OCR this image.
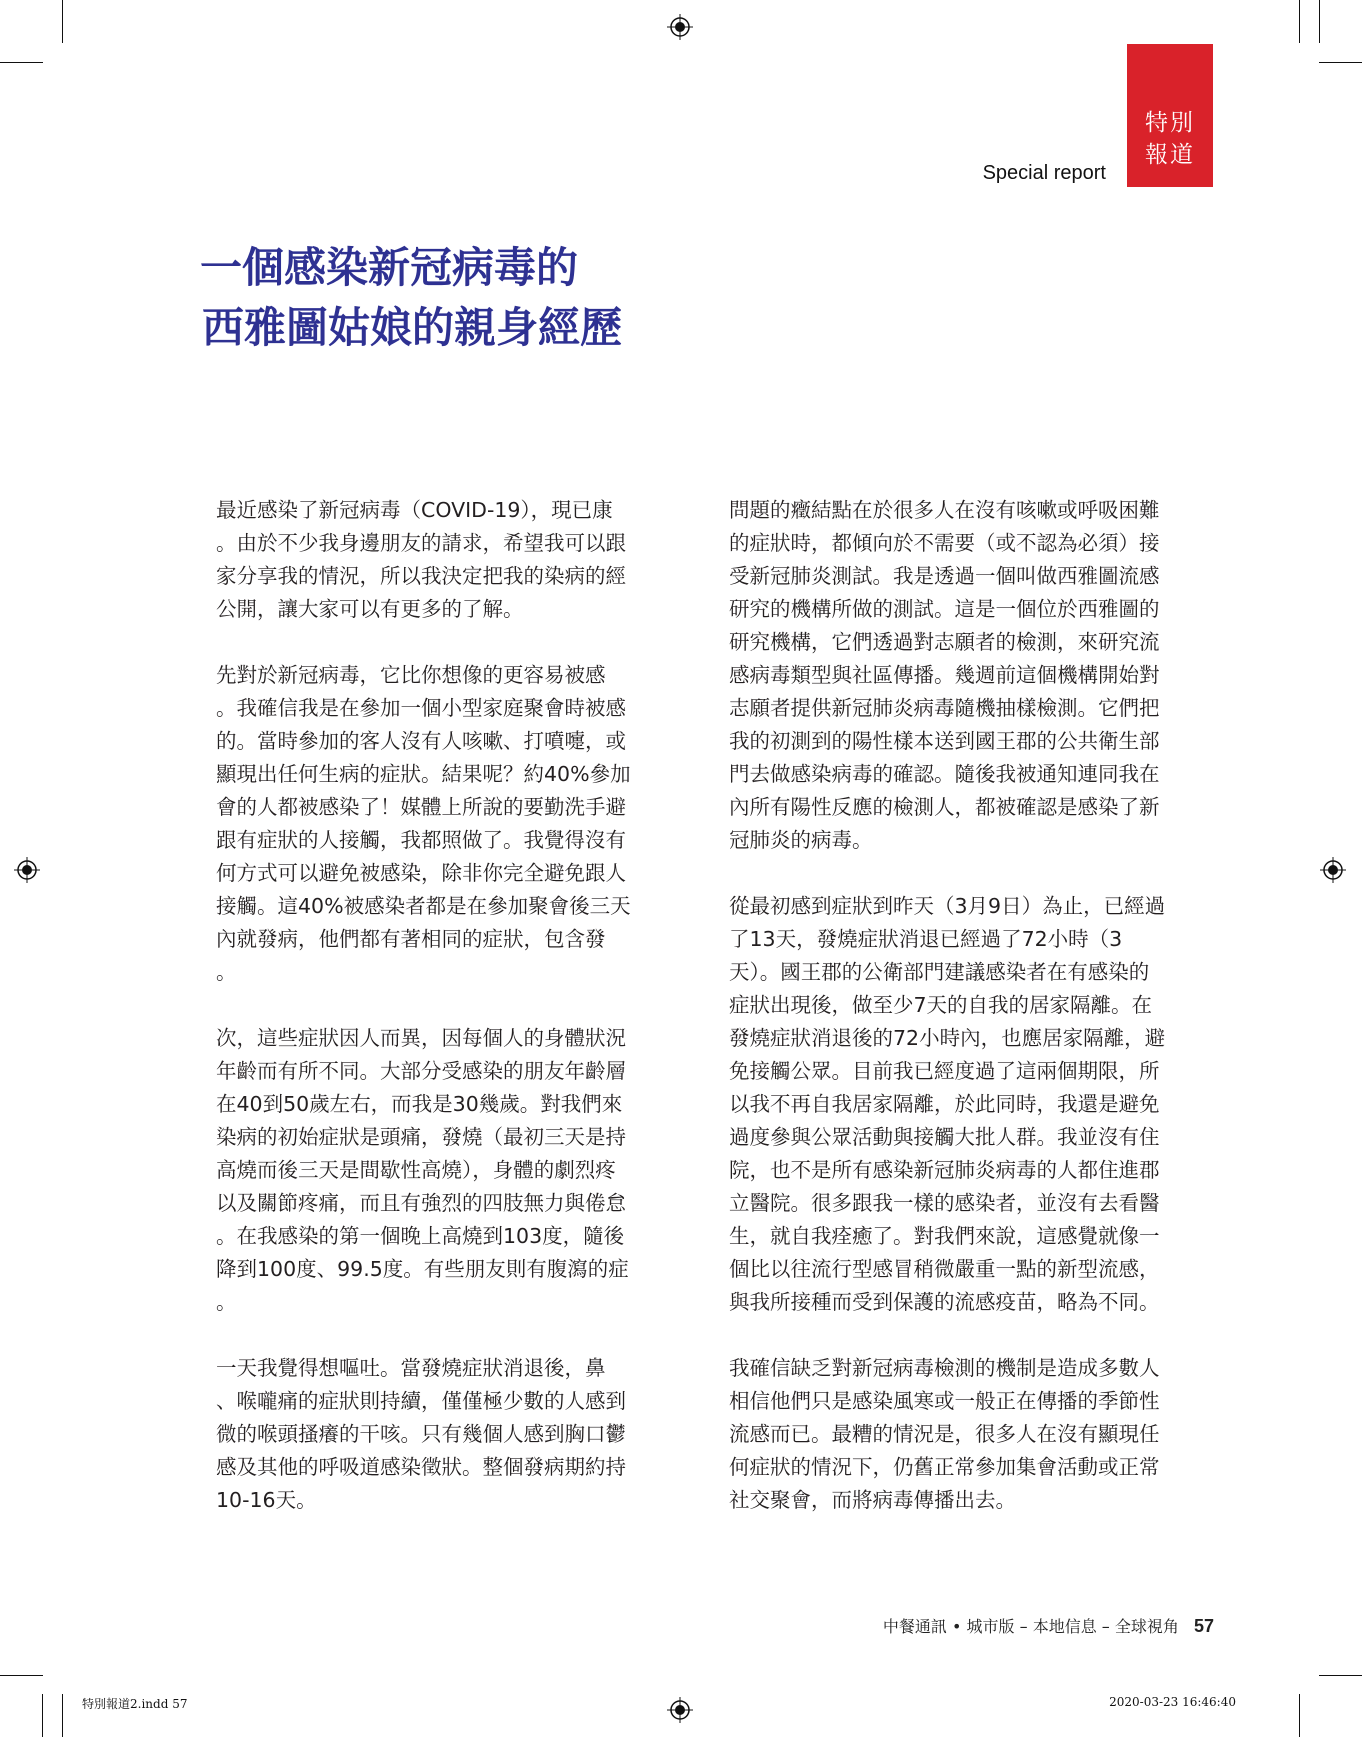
特別
報道
Special report
一個感染新冠病毒的
西雅圖姑娘的親身經歷
最近感染了新冠病毒（COVID-19），現已康
。由於不少我身邊朋友的請求，希望我可以跟
家分享我的情況，所以我決定把我的染病的經
公開，讓大家可以有更多的了解。
先對於新冠病毒，它比你想像的更容易被感
。我確信我是在參加一個小型家庭聚會時被感
的。當時參加的客人沒有人咳嗽、打噴嚏，或
顯現出任何生病的症狀。結果呢？約40%參加
會的人都被感染了！媒體上所說的要勤洗手避
跟有症狀的人接觸，我都照做了。我覺得沒有
何方式可以避免被感染，除非你完全避免跟人
接觸。這40%被感染者都是在參加聚會後三天
內就發病，他們都有著相同的症狀，包含發
。
次，這些症狀因人而異，因每個人的身體狀況
年齡而有所不同。大部分受感染的朋友年齡層
在40到50歲左右，而我是30幾歲。對我們來
染病的初始症狀是頭痛，發燒（最初三天是持
高燒而後三天是間歇性高燒），身體的劇烈疼
以及關節疼痛，而且有強烈的四肢無力與倦怠
。在我感染的第一個晚上高燒到103度，隨後
降到100度、99.5度。有些朋友則有腹瀉的症
。
一天我覺得想嘔吐。當發燒症狀消退後，鼻
、喉嚨痛的症狀則持續，僅僅極少數的人感到
微的喉頭搔癢的干咳。只有幾個人感到胸口鬱
感及其他的呼吸道感染徵狀。整個發病期約持
10-16天。
問題的癥結點在於很多人在沒有咳嗽或呼吸困難
的症狀時，都傾向於不需要（或不認為必須）接
受新冠肺炎測試。我是透過一個叫做西雅圖流感
研究的機構所做的測試。這是一個位於西雅圖的
研究機構，它們透過對志願者的檢測，來研究流
感病毒類型與社區傳播。幾週前這個機構開始對
志願者提供新冠肺炎病毒隨機抽樣檢測。它們把
我的初測到的陽性樣本送到國王郡的公共衛生部
門去做感染病毒的確認。隨後我被通知連同我在
內所有陽性反應的檢測人，都被確認是感染了新
冠肺炎的病毒。
從最初感到症狀到昨天（3月9日）為止，已經過
了13天，發燒症狀消退已經過了72小時（3
天）。國王郡的公衛部門建議感染者在有感染的
症狀出現後，做至少7天的自我的居家隔離。在
發燒症狀消退後的72小時內，也應居家隔離，避
免接觸公眾。目前我已經度過了這兩個期限，所
以我不再自我居家隔離，於此同時，我還是避免
過度參與公眾活動與接觸大批人群。我並沒有住
院，也不是所有感染新冠肺炎病毒的人都住進郡
立醫院。很多跟我一樣的感染者，並沒有去看醫
生，就自我痊癒了。對我們來說，這感覺就像一
個比以往流行型感冒稍微嚴重一點的新型流感，
與我所接種而受到保護的流感疫苗，略為不同。
我確信缺乏對新冠病毒檢測的機制是造成多數人
相信他們只是感染風寒或一般正在傳播的季節性
流感而已。最糟的情況是，很多人在沒有顯現任
何症狀的情況下，仍舊正常參加集會活動或正常
社交聚會，而將病毒傳播出去。
中餐通訊 • 城市版 – 本地信息 – 全球視角 57
特別報道2.indd 57	2020-03-23 16:46:40
